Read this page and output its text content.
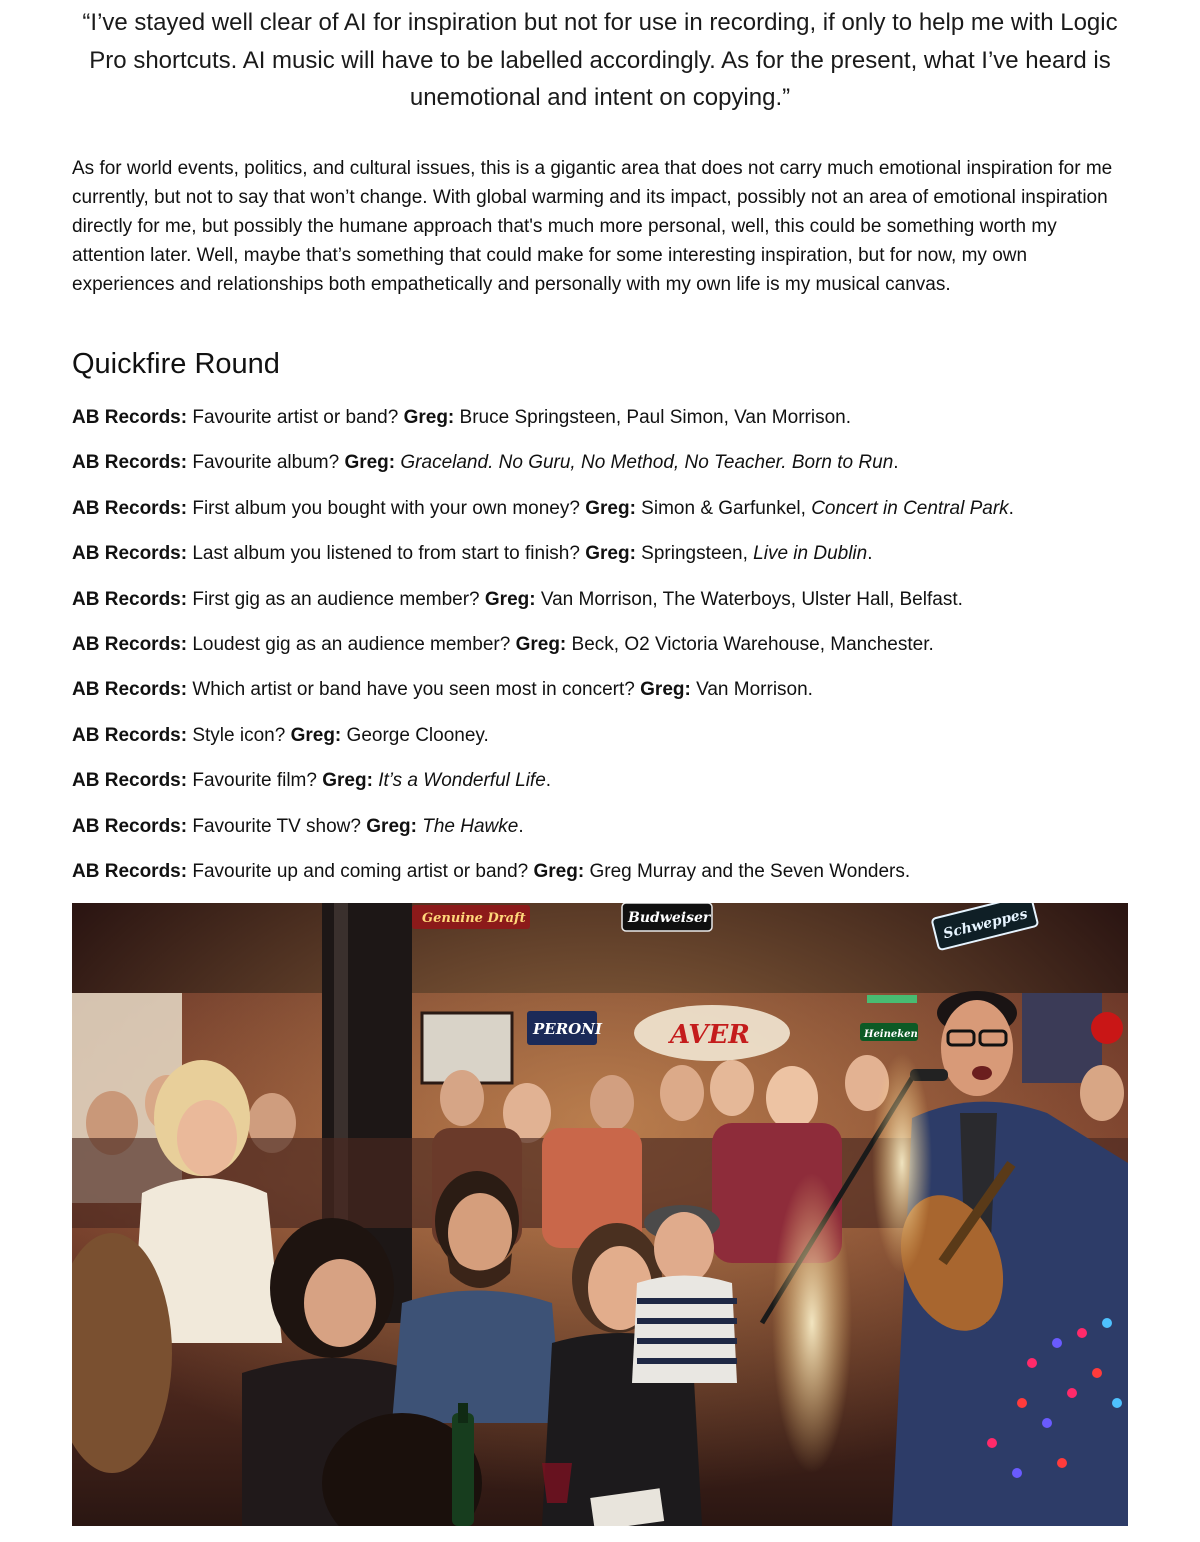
“I’ve stayed well clear of AI for inspiration but not for use in recording, if only to help me with Logic Pro shortcuts. AI music will have to be labelled accordingly. As for the present, what I’ve heard is unemotional and intent on copying.”

As for world events, politics, and cultural issues, this is a gigantic area that does not carry much emotional inspiration for me currently, but not to say that won’t change. With global warming and its impact, possibly not an area of emotional inspiration directly for me, but possibly the humane approach that's much more personal, well, this could be something worth my attention later. Well, maybe that’s something that could make for some interesting inspiration, but for now, my own experiences and relationships both empathetically and personally with my own life is my musical canvas.

Quickfire Round
AB Records: Favourite artist or band? Greg: Bruce Springsteen, Paul Simon, Van Morrison.
AB Records: Favourite album? Greg: Graceland. No Guru, No Method, No Teacher. Born to Run.
AB Records: First album you bought with your own money? Greg: Simon & Garfunkel, Concert in Central Park.
AB Records: Last album you listened to from start to finish? Greg: Springsteen, Live in Dublin.
AB Records: First gig as an audience member? Greg: Van Morrison, The Waterboys, Ulster Hall, Belfast.
AB Records: Loudest gig as an audience member? Greg: Beck, O2 Victoria Warehouse, Manchester.
AB Records: Which artist or band have you seen most in concert? Greg: Van Morrison.
AB Records: Style icon? Greg: George Clooney.
AB Records: Favourite film? Greg: It’s a Wonderful Life.
AB Records: Favourite TV show? Greg: The Hawke.
AB Records: Favourite up and coming artist or band? Greg: Greg Murray and the Seven Wonders.
Genuine Draft	Budweiser	Schweppes
PERONI	AVER	Heineken
